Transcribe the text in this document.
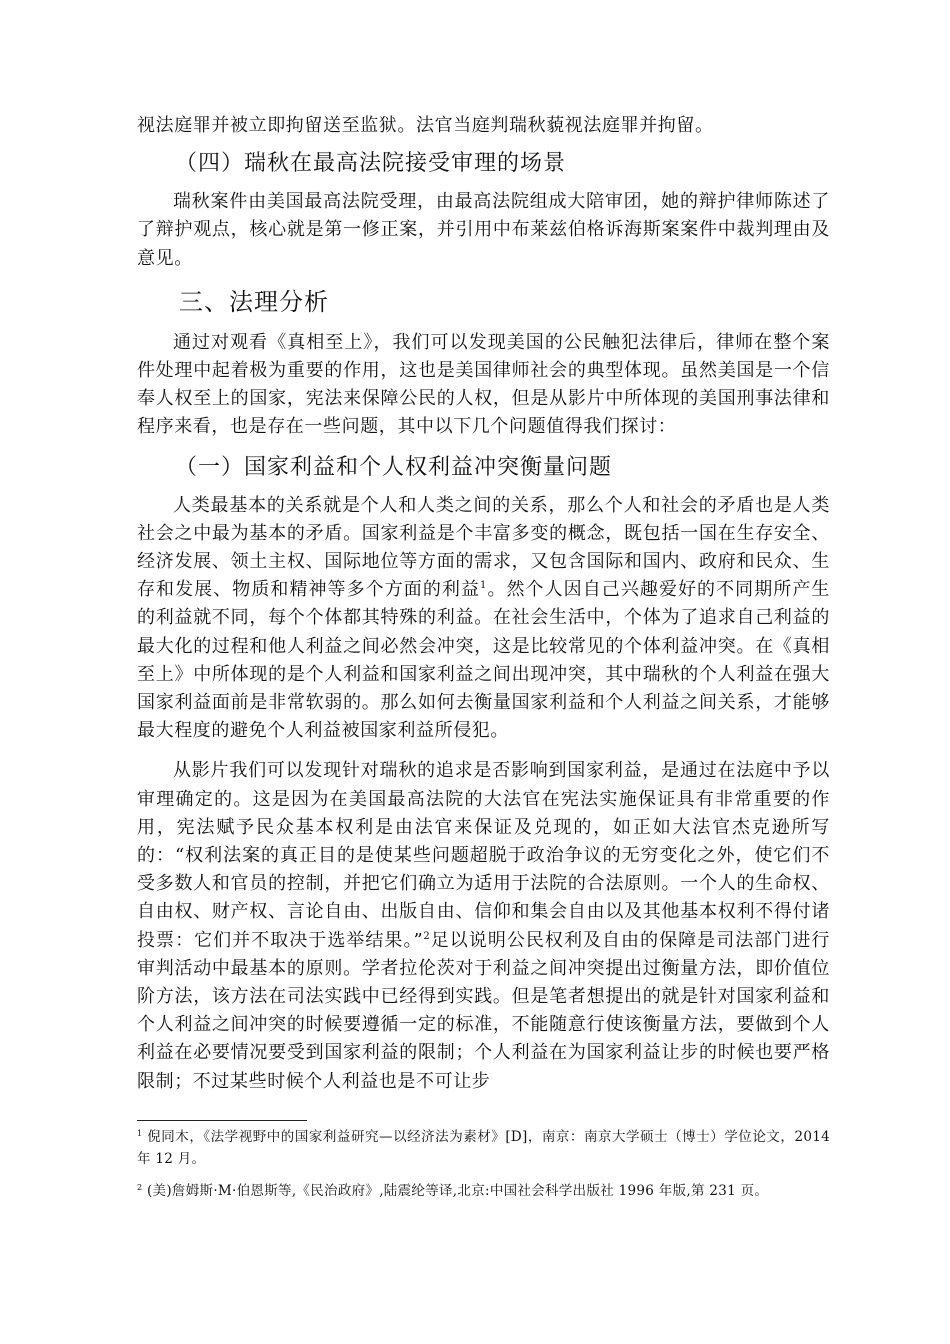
视法庭罪并被立即拘留送至监狱。法官当庭判瑞秋藐视法庭罪并拘留。

（四）瑞秋在最高法院接受审理的场景

瑞秋案件由美国最高法院受理，由最高法院组成大陪审团，她的辩护律师陈述了了辩护观点，核心就是第一修正案，并引用中布莱兹伯格诉海斯案案件中裁判理由及意见。

三、法理分析

通过对观看《真相至上》，我们可以发现美国的公民触犯法律后，律师在整个案件处理中起着极为重要的作用，这也是美国律师社会的典型体现。虽然美国是一个信奉人权至上的国家，宪法来保障公民的人权，但是从影片中所体现的美国刑事法律和程序来看，也是存在一些问题，其中以下几个问题值得我们探讨：

（一）国家利益和个人权利益冲突衡量问题

人类最基本的关系就是个人和人类之间的关系，那么个人和社会的矛盾也是人类社会之中最为基本的矛盾。国家利益是个丰富多变的概念，既包括一国在生存安全、经济发展、领土主权、国际地位等方面的需求，又包含国际和国内、政府和民众、生存和发展、物质和精神等多个方面的利益$^1$。然个人因自己兴趣爱好的不同期所产生的利益就不同，每个个体都其特殊的利益。在社会生活中，个体为了追求自己利益的最大化的过程和他人利益之间必然会冲突，这是比较常见的个体利益冲突。在《真相至上》中所体现的是个人利益和国家利益之间出现冲突，其中瑞秋的个人利益在强大国家利益面前是非常软弱的。那么如何去衡量国家利益和个人利益之间关系，才能够最大程度的避免个人利益被国家利益所侵犯。

从影片我们可以发现针对瑞秋的追求是否影响到国家利益，是通过在法庭中予以审理确定的。这是因为在美国最高法院的大法官在宪法实施保证具有非常重要的作用，宪法赋予民众基本权利是由法官来保证及兑现的，如正如大法官杰克逊所写的：“权利法案的真正目的是使某些问题超脱于政治争议的无穷变化之外，使它们不受多数人和官员的控制，并把它们确立为适用于法院的合法原则。一个人的生命权、自由权、财产权、言论自由、出版自由、信仰和集会自由以及其他基本权利不得付诸投票：它们并不取决于选举结果。”$^2$足以说明公民权利及自由的保障是司法部门进行审判活动中最基本的原则。学者拉伦茨对于利益之间冲突提出过衡量方法，即价值位阶方法，该方法在司法实践中已经得到实践。但是笔者想提出的就是针对国家利益和个人利益之间冲突的时候要遵循一定的标准，不能随意行使该衡量方法，要做到个人利益在必要情况要受到国家利益的限制；个人利益在为国家利益让步的时候也要严格限制；不过某些时候个人利益也是不可让步

$^1$ 倪同木，《法学视野中的国家利益研究—以经济法为素材》[D]，南京：南京大学硕士（博士）学位论文，2014 年 12 月。

$^2$ (美)詹姆斯·M·伯恩斯等,《民治政府》,陆震纶等译,北京:中国社会科学出版社 1996 年版,第 231 页。
